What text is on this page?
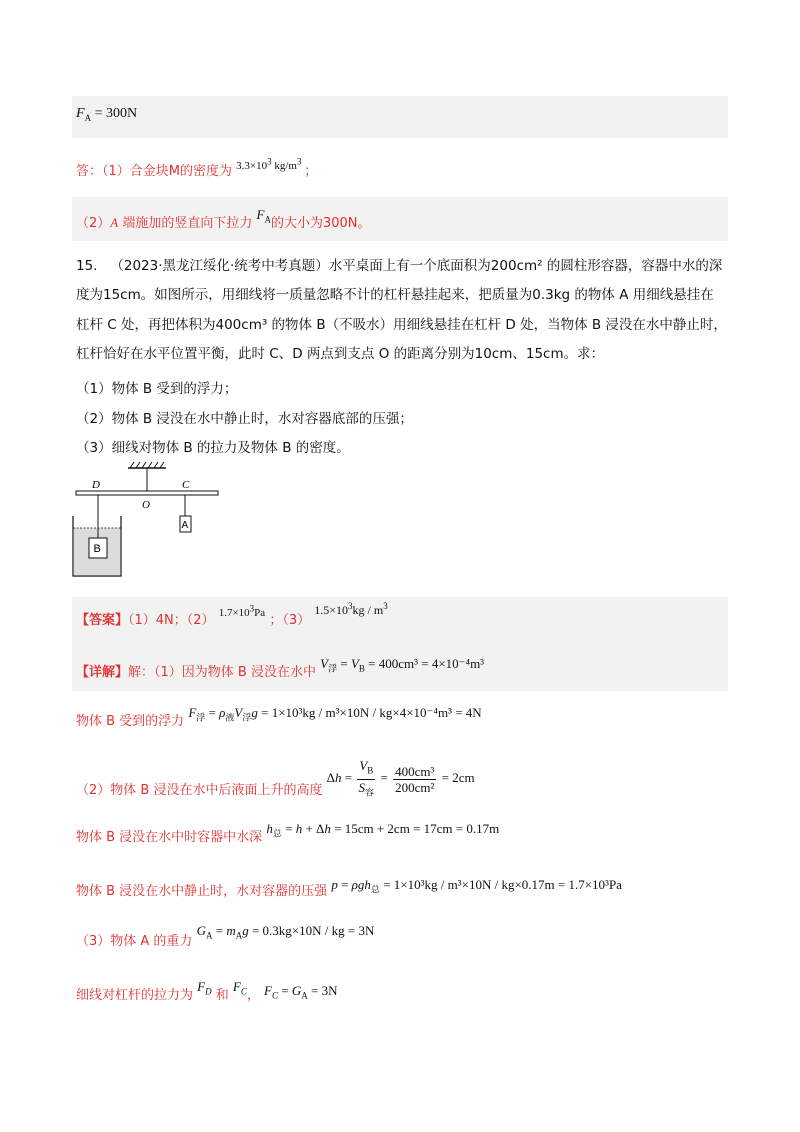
$F_A = 300N$
答：（1）合金块M的密度为 $^{3.3\times 10^3 kg/m^3}$ ；
（2）A 端施加的竖直向下拉力 $F_A$的大小为300N。
15. （2023·黑龙江绥化·统考中考真题）水平桌面上有一个底面积为200cm² 的圆柱形容器，容器中水的深
度为15cm。如图所示，用细线将一质量忽略不计的杠杆悬挂起来，把质量为0.3kg 的物体 A 用细线悬挂在
杠杆 C 处，再把体积为400cm³ 的物体 B（不吸水）用细线悬挂在杠杆 D 处，当物体 B 浸没在水中静止时，
杠杆恰好在水平位置平衡，此时 C、D 两点到支点 O 的距离分别为10cm、15cm。求：
（1）物体 B 受到的浮力；
（2）物体 B 浸没在水中静止时，水对容器底部的压强；
（3）细线对物体 B 的拉力及物体 B 的密度。
D
O
C
A
B
【答案】（1）4N；（2） $^{1.7\times 10^3Pa}$ ；（3） $1.5\times 10^3kg / m^3$
【详解】解：（1）因为物体 B 浸没在水中 $V_浮 = V_B = 400cm^3 = 4\times 10^{-4}m^3$
物体 B 受到的浮力 $F_浮 = \rho_液V_浮g = 1\times 10^3kg / m^3\times 10N / kg\times 4\times 10^{-4}m^3 = 4N$
（2）物体 B 浸没在水中后液面上升的高度 $\Delta h = \frac{V_B}{S_容} = \frac{\text{400cm³}}{\text{200cm²}} = 2cm$
物体 B 浸没在水中时容器中水深 $h_总 = h + \Delta h = 15cm + 2cm = 17cm = 0.17m$
物体 B 浸没在水中静止时，水对容器的压强 p = ρgh$_总$ = 1×10³kg / m³×10N / kg×0.17m = 1.7×10³Pa
（3）物体 A 的重力 $G_A = m_Ag = 0.3kg\times 10N$ / kg = 3N
细线对杠杆的拉力为 $F_D$ 和 $F_C$， $F_C = G_A = 3N$
